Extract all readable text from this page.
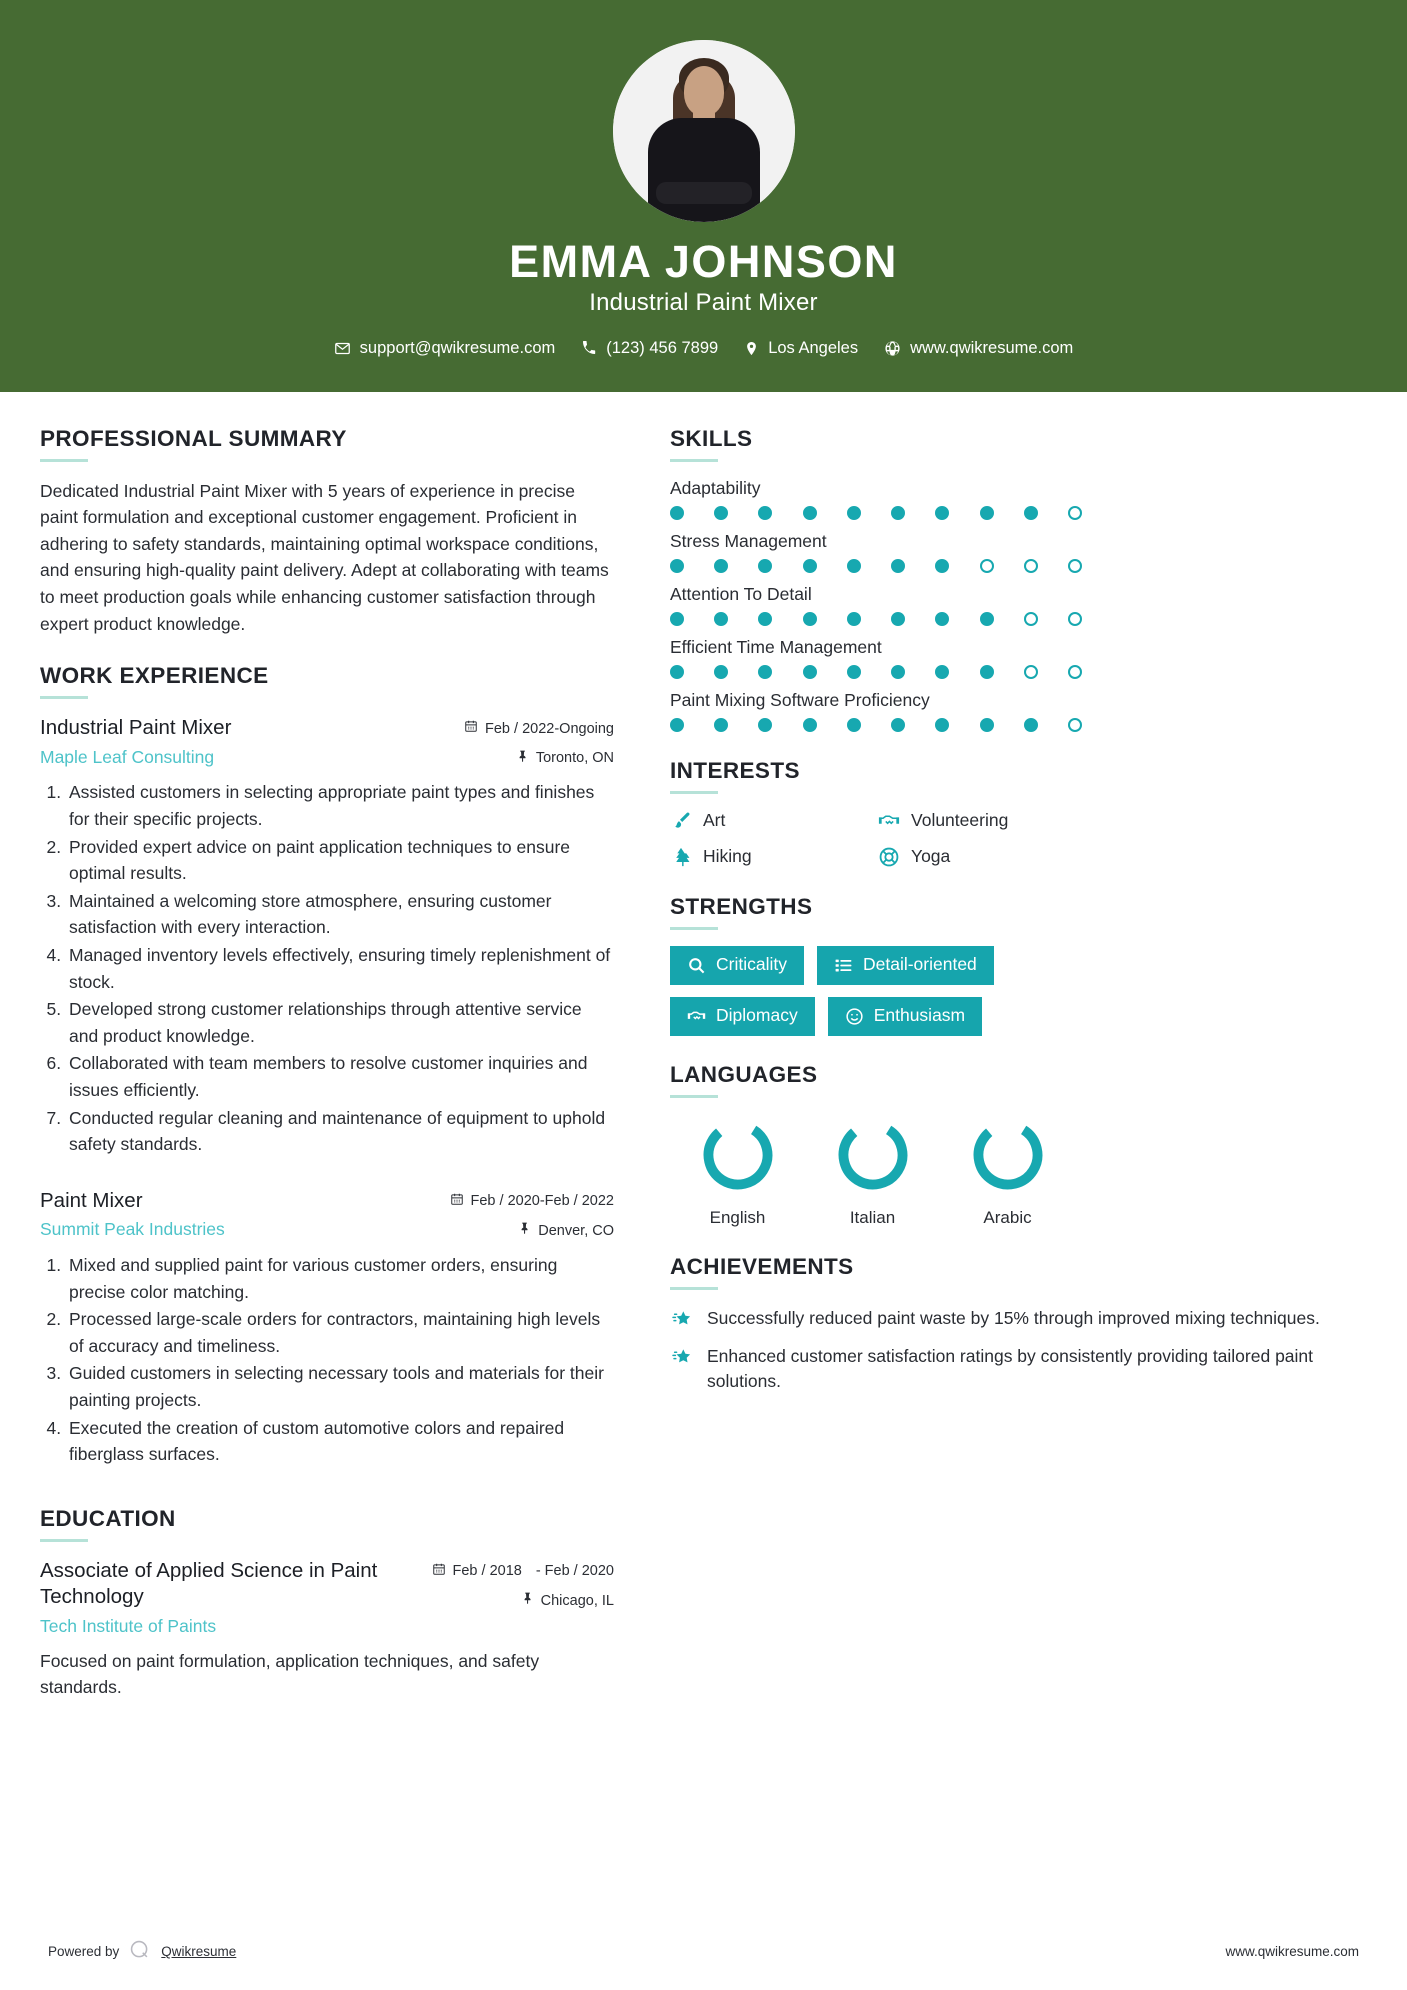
EMMA JOHNSON
Industrial Paint Mixer
support@qwikresume.com	(123) 456 7899	Los Angeles	www.qwikresume.com
PROFESSIONAL SUMMARY
Dedicated Industrial Paint Mixer with 5 years of experience in precise paint formulation and exceptional customer engagement. Proficient in adhering to safety standards, maintaining optimal workspace conditions, and ensuring high-quality paint delivery. Adept at collaborating with teams to meet production goals while enhancing customer satisfaction through expert product knowledge.
WORK EXPERIENCE
Industrial Paint Mixer
Maple Leaf Consulting
Feb / 2022-Ongoing
Toronto, ON
1. Assisted customers in selecting appropriate paint types and finishes for their specific projects.
2. Provided expert advice on paint application techniques to ensure optimal results.
3. Maintained a welcoming store atmosphere, ensuring customer satisfaction with every interaction.
4. Managed inventory levels effectively, ensuring timely replenishment of stock.
5. Developed strong customer relationships through attentive service and product knowledge.
6. Collaborated with team members to resolve customer inquiries and issues efficiently.
7. Conducted regular cleaning and maintenance of equipment to uphold safety standards.
Paint Mixer
Summit Peak Industries
Feb / 2020-Feb / 2022
Denver, CO
1. Mixed and supplied paint for various customer orders, ensuring precise color matching.
2. Processed large-scale orders for contractors, maintaining high levels of accuracy and timeliness.
3. Guided customers in selecting necessary tools and materials for their painting projects.
4. Executed the creation of custom automotive colors and repaired fiberglass surfaces.
EDUCATION
Associate of Applied Science in Paint Technology
Tech Institute of Paints
Feb / 2018 - Feb / 2020
Chicago, IL
Focused on paint formulation, application techniques, and safety standards.
SKILLS
Adaptability
Stress Management
Attention To Detail
Efficient Time Management
Paint Mixing Software Proficiency
INTERESTS
Art	Volunteering
Hiking	Yoga
STRENGTHS
Criticality	Detail-oriented
Diplomacy	Enthusiasm
LANGUAGES
English	Italian	Arabic
ACHIEVEMENTS
Successfully reduced paint waste by 15% through improved mixing techniques.
Enhanced customer satisfaction ratings by consistently providing tailored paint solutions.
Powered by	Qwikresume	www.qwikresume.com
